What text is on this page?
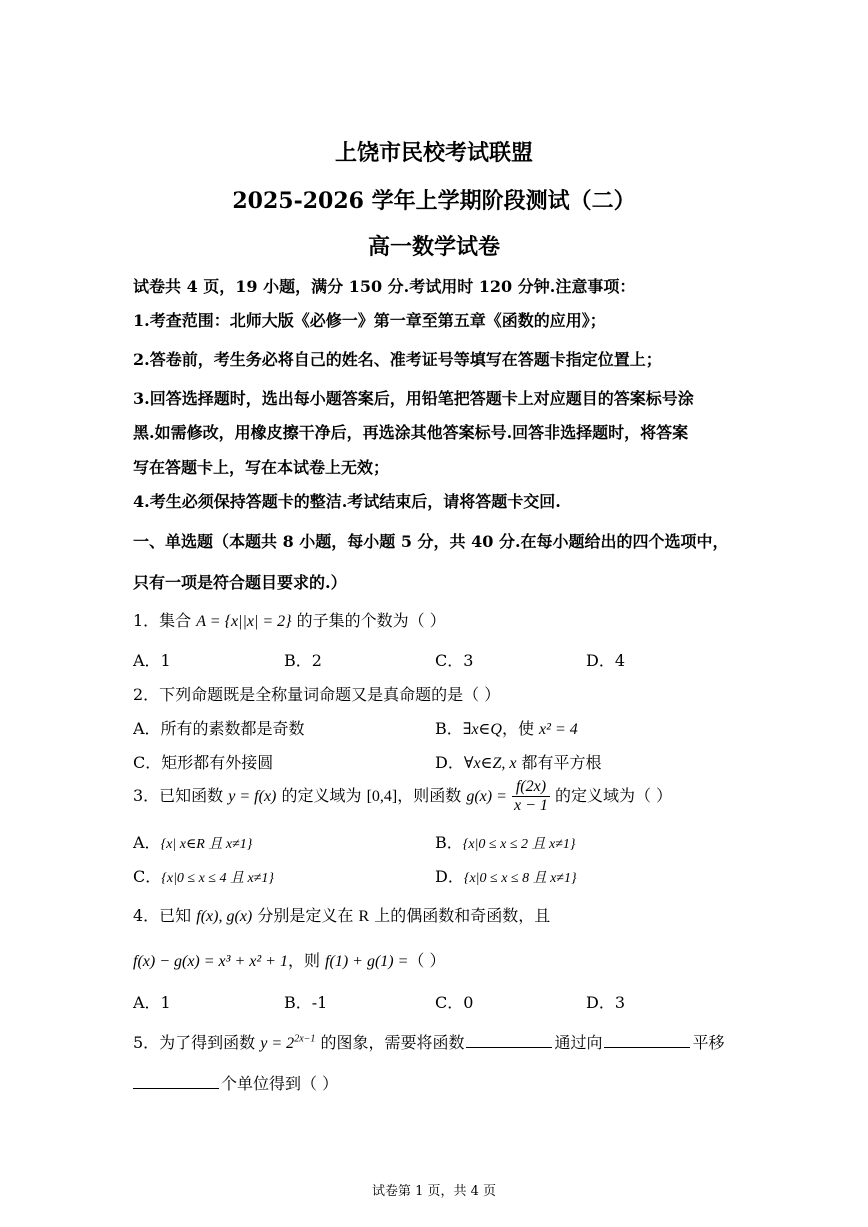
上饶市民校考试联盟
2025-2026 学年上学期阶段测试（二）
高一数学试卷
试卷共 4 页，19 小题，满分 150 分.考试用时 120 分钟.注意事项：
1.考查范围：北师大版《必修一》第一章至第五章《函数的应用》；
2.答卷前，考生务必将自己的姓名、准考证号等填写在答题卡指定位置上；
3.回答选择题时，选出每小题答案后，用铅笔把答题卡上对应题目的答案标号涂
黑.如需修改，用橡皮擦干净后，再选涂其他答案标号.回答非选择题时，将答案
写在答题卡上，写在本试卷上无效；
4.考生必须保持答题卡的整洁.考试结束后，请将答题卡交回.
一、单选题（本题共 8 小题，每小题 5 分，共 40 分.在每小题给出的四个选项中，
只有一项是符合题目要求的.）
1．集合 A = {x||x| = 2} 的子集的个数为（ ）
A．1	B．2	C．3	D．4
2．下列命题既是全称量词命题又是真命题的是（ ）
A．所有的素数都是奇数	B．∃x∈Q，使 x² = 4
C．矩形都有外接圆	D．∀x∈Z, x 都有平方根
3．已知函数 y = f(x) 的定义域为 [0,4]，则函数 $g(x) = \frac{f(2x)}{x - 1}$ 的定义域为（ ）
A．{x| x∈R 且 x≠1}	B．{x|0 ≤ x ≤ 2 且 x≠1}
C．{x|0 ≤ x ≤ 4 且 x≠1}	D．{x|0 ≤ x ≤ 8 且 x≠1}
4．已知 f(x), g(x) 分别是定义在 R 上的偶函数和奇函数，且
f(x) − g(x) = x³ + x² + 1，则 f(1) + g(1) =（ ）
A．1	B．-1	C．0	D．3
5．为了得到函数 $y = 2^{2x-1}$ 的图象，需要将函数	通过向	平移
个单位得到（ ）
试卷第 1 页，共 4 页
